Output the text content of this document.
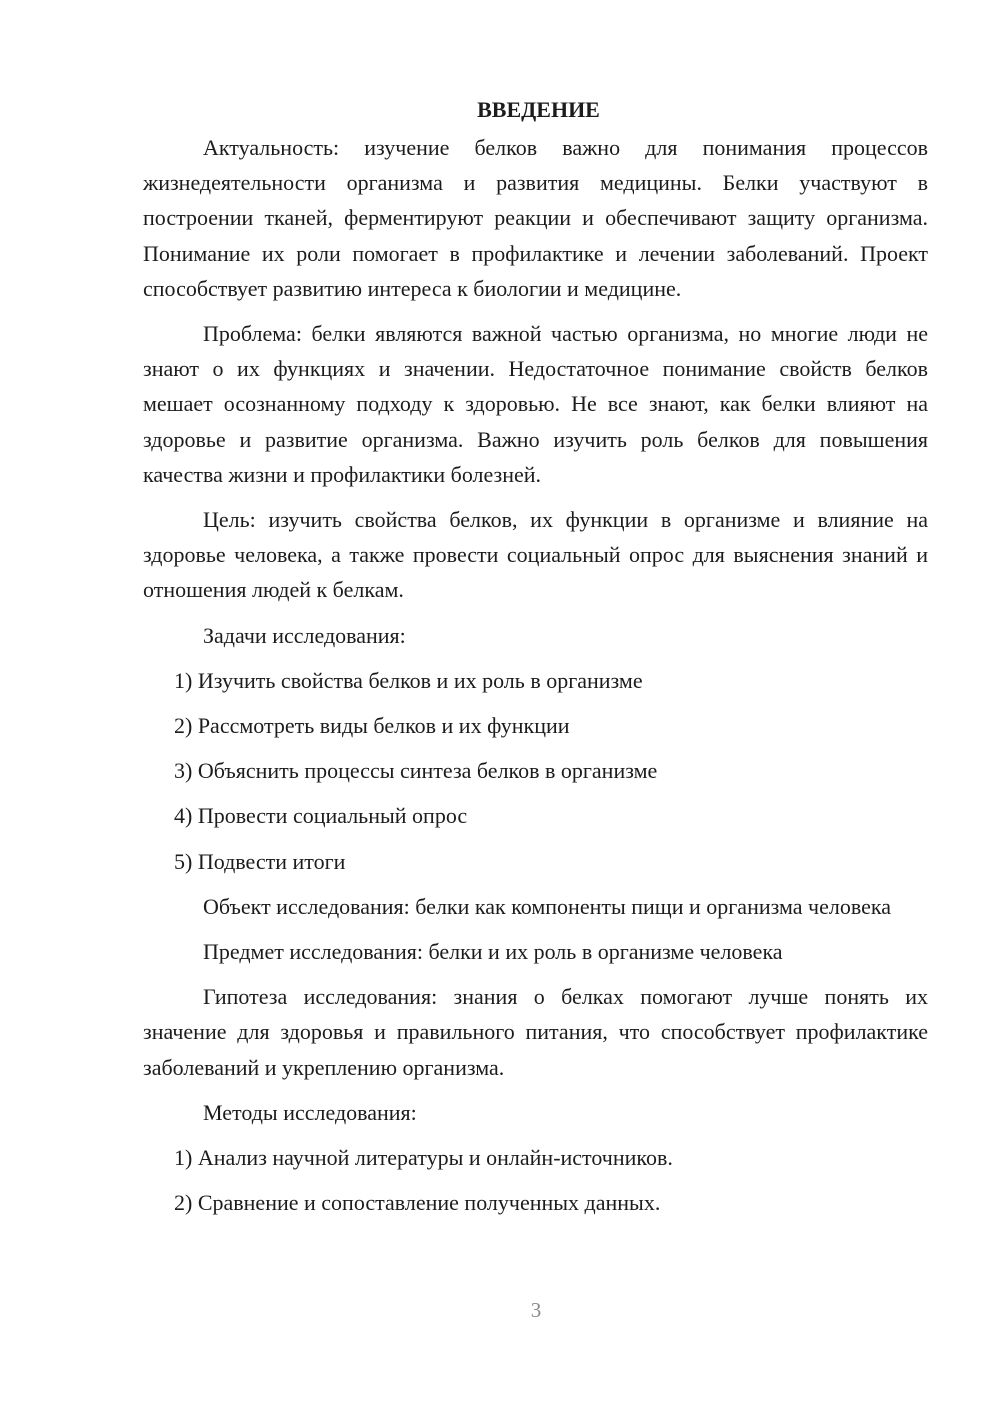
ВВЕДЕНИЕ

Актуальность: изучение белков важно для понимания процессов жизнедеятельности организма и развития медицины. Белки участвуют в построении тканей, ферментируют реакции и обеспечивают защиту организма. Понимание их роли помогает в профилактике и лечении заболеваний. Проект способствует развитию интереса к биологии и медицине.

Проблема: белки являются важной частью организма, но многие люди не знают о их функциях и значении. Недостаточное понимание свойств белков мешает осознанному подходу к здоровью. Не все знают, как белки влияют на здоровье и развитие организма. Важно изучить роль белков для повышения качества жизни и профилактики болезней.

Цель: изучить свойства белков, их функции в организме и влияние на здоровье человека, а также провести социальный опрос для выяснения знаний и отношения людей к белкам.

Задачи исследования:

1) Изучить свойства белков и их роль в организме

2) Рассмотреть виды белков и их функции

3) Объяснить процессы синтеза белков в организме

4) Провести социальный опрос

5) Подвести итоги

Объект исследования: белки как компоненты пищи и организма человека

Предмет исследования: белки и их роль в организме человека

Гипотеза исследования: знания о белках помогают лучше понять их значение для здоровья и правильного питания, что способствует профилактике заболеваний и укреплению организма.

Методы исследования:

1) Анализ научной литературы и онлайн-источников.

2) Сравнение и сопоставление полученных данных.

3
